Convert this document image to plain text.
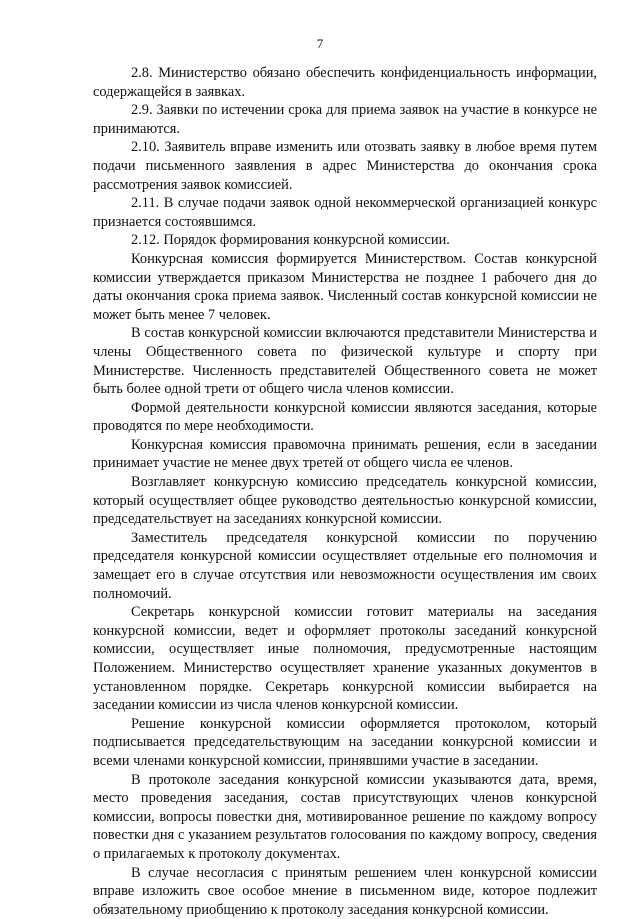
7

2.8. Министерство обязано обеспечить конфиденциальность информации, содержащейся в заявках.

2.9. Заявки по истечении срока для приема заявок на участие в конкурсе не принимаются.

2.10. Заявитель вправе изменить или отозвать заявку в любое время путем подачи письменного заявления в адрес Министерства до окончания срока рассмотрения заявок комиссией.

2.11. В случае подачи заявок одной некоммерческой организацией конкурс признается состоявшимся.

2.12. Порядок формирования конкурсной комиссии.

Конкурсная комиссия формируется Министерством. Состав конкурсной комиссии утверждается приказом Министерства не позднее 1 рабочего дня до даты окончания срока приема заявок. Численный состав конкурсной комиссии не может быть менее 7 человек.

В состав конкурсной комиссии включаются представители Министерства и члены Общественного совета по физической культуре и спорту при Министерстве. Численность представителей Общественного совета не может быть более одной трети от общего числа членов комиссии.

Формой деятельности конкурсной комиссии являются заседания, которые проводятся по мере необходимости.

Конкурсная комиссия правомочна принимать решения, если в заседании принимает участие не менее двух третей от общего числа ее членов.

Возглавляет конкурсную комиссию председатель конкурсной комиссии, который осуществляет общее руководство деятельностью конкурсной комиссии, председательствует на заседаниях конкурсной комиссии.

Заместитель председателя конкурсной комиссии по поручению председателя конкурсной комиссии осуществляет отдельные его полномочия и замещает его в случае отсутствия или невозможности осуществления им своих полномочий.

Секретарь конкурсной комиссии готовит материалы на заседания конкурсной комиссии, ведет и оформляет протоколы заседаний конкурсной комиссии, осуществляет иные полномочия, предусмотренные настоящим Положением. Министерство осуществляет хранение указанных документов в установленном порядке. Секретарь конкурсной комиссии выбирается на заседании комиссии из числа членов конкурсной комиссии.

Решение конкурсной комиссии оформляется протоколом, который подписывается председательствующим на заседании конкурсной комиссии и всеми членами конкурсной комиссии, принявшими участие в заседании.

В протоколе заседания конкурсной комиссии указываются дата, время, место проведения заседания, состав присутствующих членов конкурсной комиссии, вопросы повестки дня, мотивированное решение по каждому вопросу повестки дня с указанием результатов голосования по каждому вопросу, сведения о прилагаемых к протоколу документах.

В случае несогласия с принятым решением член конкурсной комиссии вправе изложить свое особое мнение в письменном виде, которое подлежит обязательному приобщению к протоколу заседания конкурсной комиссии.
